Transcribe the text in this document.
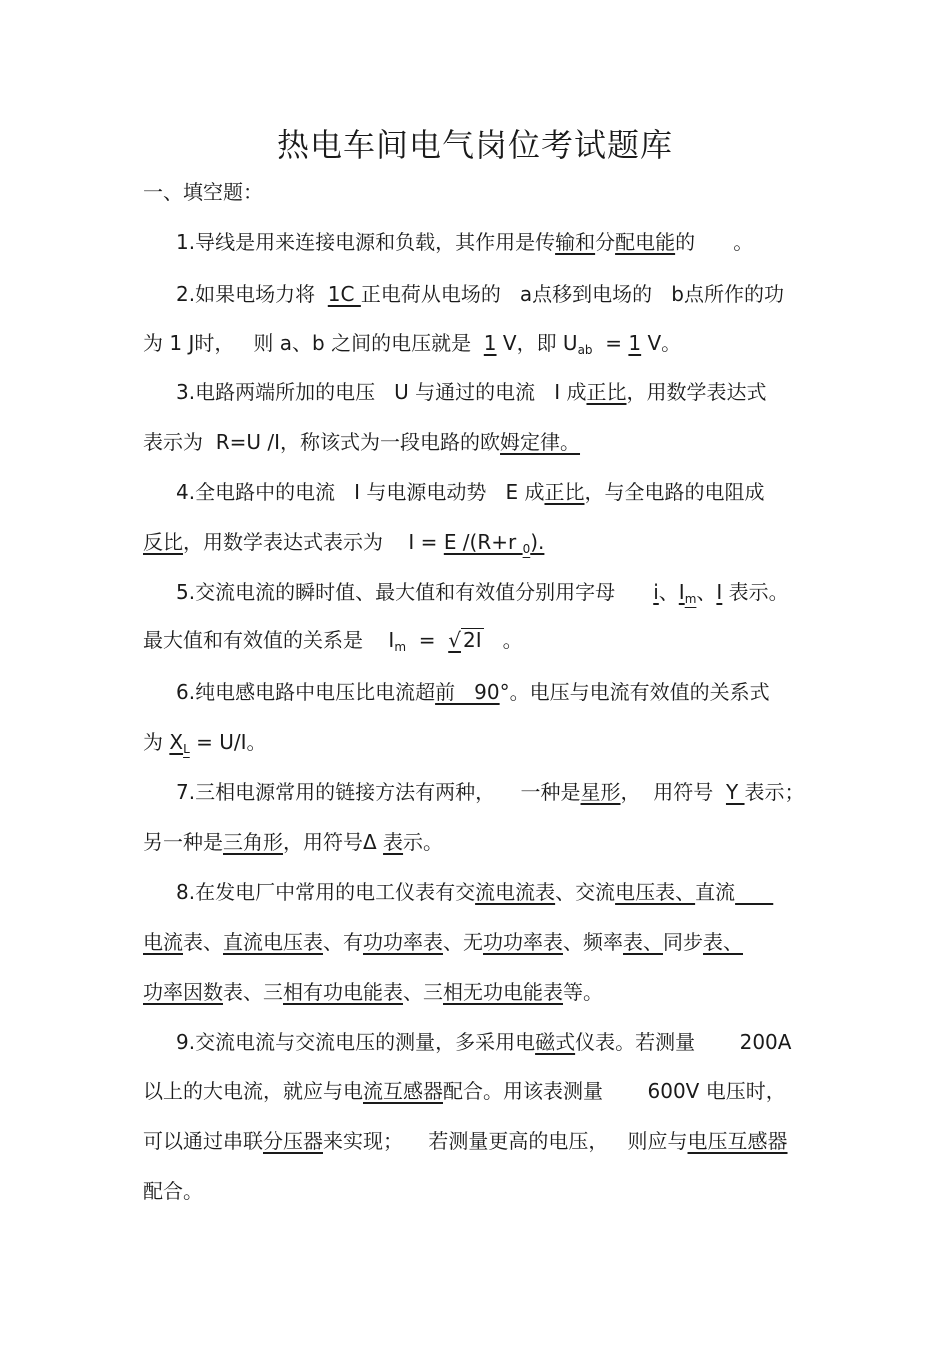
热电车间电气岗位考试题库
一、填空题：
1.导线是用来连接电源和负载，其作用是传输和分配电能的      。
2.如果电场力将  1C 正电荷从电场的   a点移到电场的   b点所作的功
为 1 J时，   则 a、b 之间的电压就是  1 V，即 $U_{ab} = 1$ V。
3.电路两端所加的电压   U 与通过的电流   I 成正比，用数学表达式
表示为  R=U /I，称该式为一段电路的欧姆定律。
4.全电路中的电流   I 与电源电动势   E 成正比，与全电路的电阻成
反比，用数学表达式表示为    I = E /(R+r $_0$).
5.交流电流的瞬时值、最大值和有效值分别用字母      i、$I_m$、I 表示。
最大值和有效值的关系是    $I_m$  =  √ 2I   。
6.纯电感电路中电压比电流超前   90°。电压与电流有效值的关系式
为 $X_L = U/I$。
7.三相电源常用的链接方法有两种，    一种是星形，  用符号  Y 表示；
另一种是三角形，用符号Δ 表示。
8.在发电厂中常用的电工仪表有交流电流表、交流电压表、直流
电流表、直流电压表、有功功率表、无功功率表、频率表、同步表、
功率因数表、三相有功电能表、三相无功电能表等。
9.交流电流与交流电压的测量，多采用电磁式仪表。若测量       200A
以上的大电流，就应与电流互感器配合。用该表测量       600V 电压时，
可以通过串联分压器来实现；    若测量更高的电压，   则应与电压互感器
配合。
